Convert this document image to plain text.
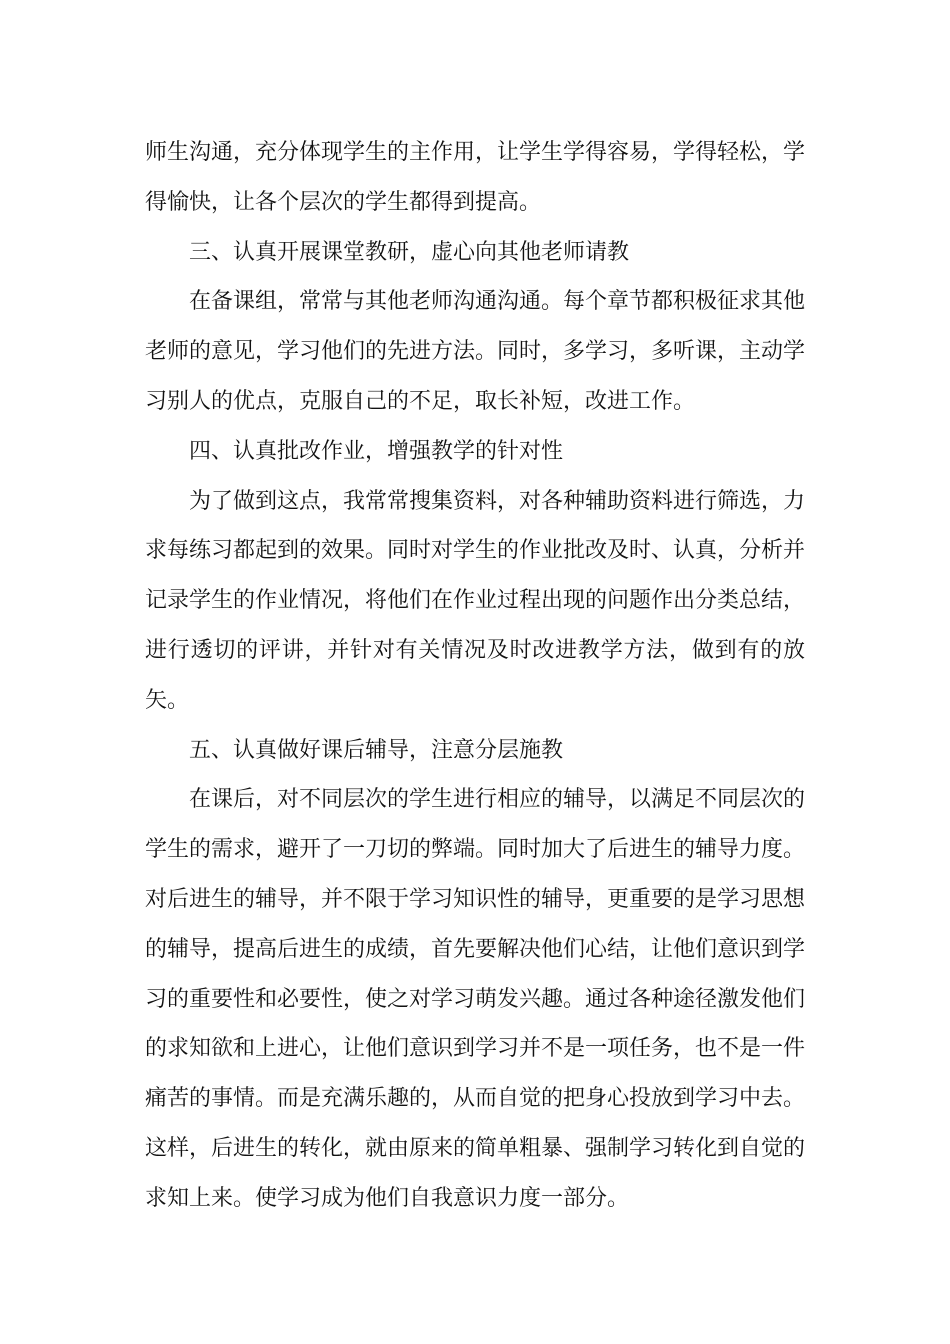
师生沟通，充分体现学生的主作用，让学生学得容易，学得轻松，学得愉快，让各个层次的学生都得到提高。

三、认真开展课堂教研，虚心向其他老师请教

在备课组，常常与其他老师沟通沟通。每个章节都积极征求其他老师的意见，学习他们的先进方法。同时，多学习，多听课，主动学习别人的优点，克服自己的不足，取长补短，改进工作。

四、认真批改作业，增强教学的针对性

为了做到这点，我常常搜集资料，对各种辅助资料进行筛选，力求每练习都起到的效果。同时对学生的作业批改及时、认真，分析并记录学生的作业情况，将他们在作业过程出现的问题作出分类总结，进行透切的评讲，并针对有关情况及时改进教学方法，做到有的放矢。

五、认真做好课后辅导，注意分层施教

在课后，对不同层次的学生进行相应的辅导，以满足不同层次的学生的需求，避开了一刀切的弊端。同时加大了后进生的辅导力度。对后进生的辅导，并不限于学习知识性的辅导，更重要的是学习思想的辅导，提高后进生的成绩，首先要解决他们心结，让他们意识到学习的重要性和必要性，使之对学习萌发兴趣。通过各种途径激发他们的求知欲和上进心，让他们意识到学习并不是一项任务，也不是一件痛苦的事情。而是充满乐趣的，从而自觉的把身心投放到学习中去。这样，后进生的转化，就由原来的简单粗暴、强制学习转化到自觉的求知上来。使学习成为他们自我意识力度一部分。
